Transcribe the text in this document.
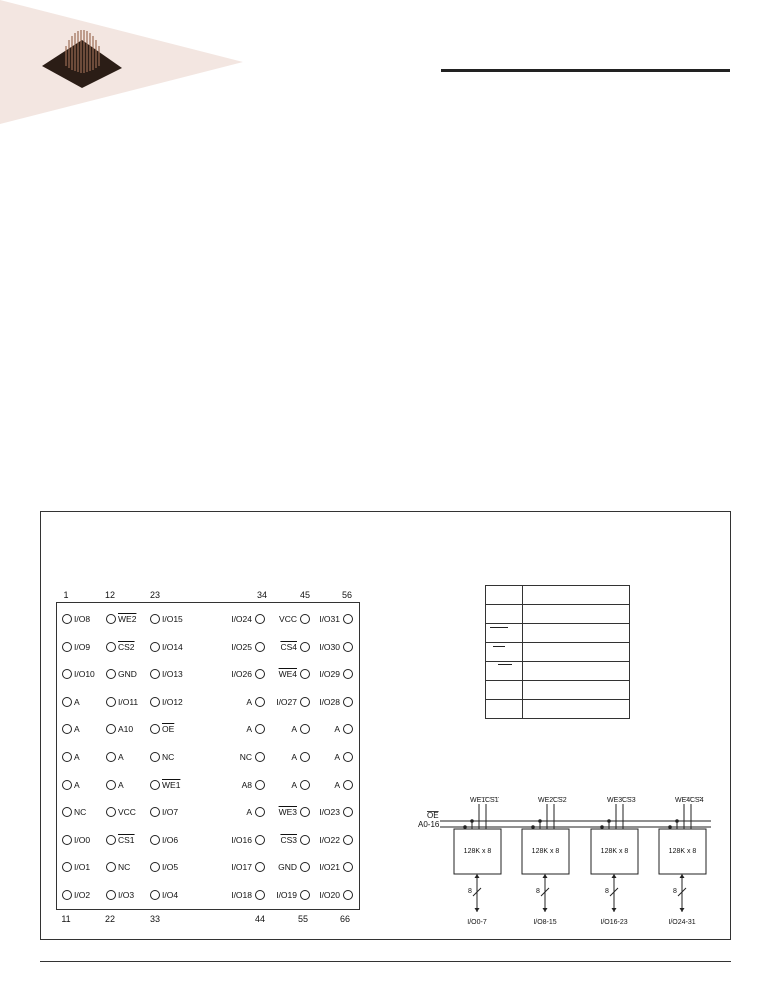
1	12	23	34	45	56
11	22	33	44	55	66
I/O8	WE2	I/O15	I/O24	VCC	I/O31
I/O9	CS2	I/O14	I/O25	CS4	I/O30
I/O10	GND	I/O13	I/O26	WE4	I/O29
A	I/O11	I/O12	A	I/O27	I/O28
A	A10	$\overline{OE}$	A	A	A
A	A	NC	NC	A	A
A	A	WE1	A8	A	A
NC	VCC	I/O7	A	WE3	I/O23
I/O0	CS1	I/O6	I/O16	CS3	I/O22
I/O1	NC	I/O5	I/O17	GND	I/O21
I/O2	I/O3	I/O4	I/O18	I/O19	I/O20

128K x 8
WE1 CS1
8
I/O0-7
128K x 8
WE2 CS2
8
I/O8-15
128K x 8
WE3 CS3
8
I/O16-23
128K x 8
WE4 CS4
8
I/O24-31
OE
A0-16
